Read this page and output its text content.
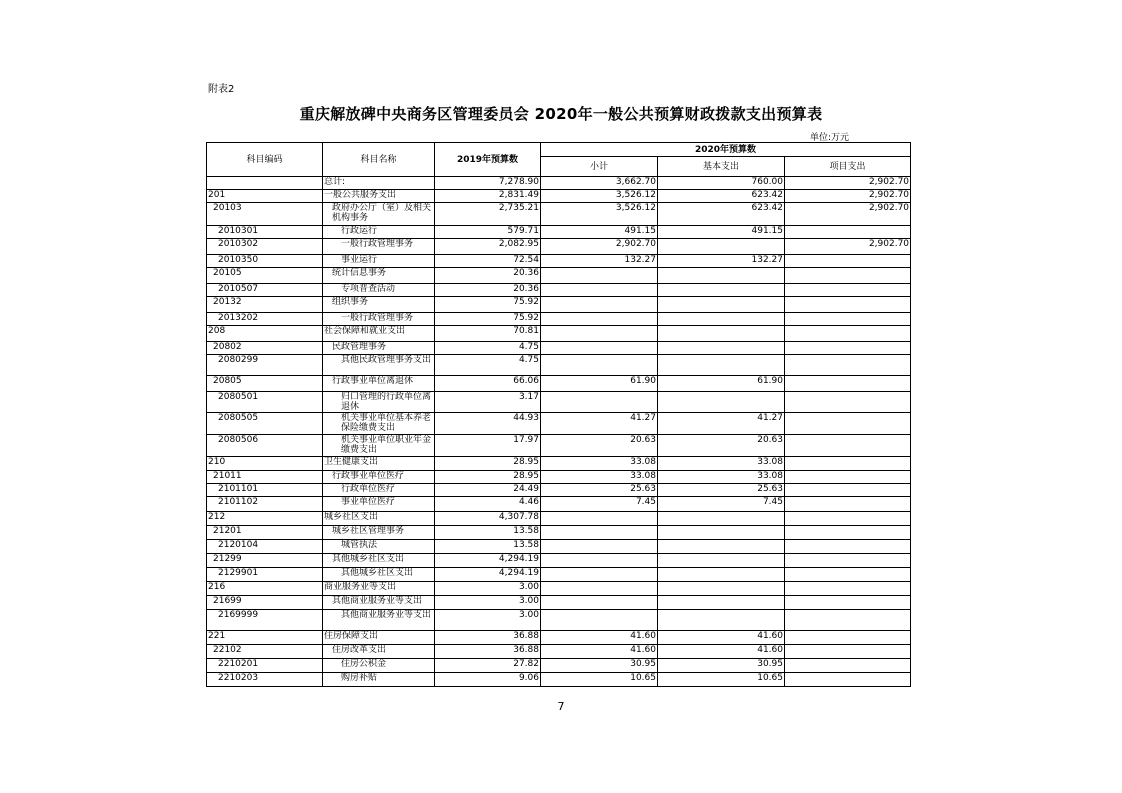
附表2
重庆解放碑中央商务区管理委员会 2020年一般公共预算财政拨款支出预算表
单位:万元
科目编码	科目名称	2019年预算数	2020年预算数		
			小计	基本支出	项目支出
	总计:	7,278.90	3,662.70	760.00	2,902.70
201	一般公共服务支出	2,831.49	3,526.12	623.42	2,902.70
20103	政府办公厅（室）及相关机构事务	2,735.21	3,526.12	623.42	2,902.70
2010301	行政运行	579.71	491.15	491.15	
2010302	一般行政管理事务	2,082.95	2,902.70		2,902.70
2010350	事业运行	72.54	132.27	132.27	
20105	统计信息事务	20.36			
2010507	专项普查活动	20.36			
20132	组织事务	75.92			
2013202	一般行政管理事务	75.92			
208	社会保障和就业支出	70.81			
20802	民政管理事务	4.75			
2080299	其他民政管理事务支出	4.75			
20805	行政事业单位离退休	66.06	61.90	61.90	
2080501	归口管理的行政单位离退休	3.17			
2080505	机关事业单位基本养老保险缴费支出	44.93	41.27	41.27	
2080506	机关事业单位职业年金缴费支出	17.97	20.63	20.63	
210	卫生健康支出	28.95	33.08	33.08	
21011	行政事业单位医疗	28.95	33.08	33.08	
2101101	行政单位医疗	24.49	25.63	25.63	
2101102	事业单位医疗	4.46	7.45	7.45	
212	城乡社区支出	4,307.78			
21201	城乡社区管理事务	13.58			
2120104	城管执法	13.58			
21299	其他城乡社区支出	4,294.19			
2129901	其他城乡社区支出	4,294.19			
216	商业服务业等支出	3.00			
21699	其他商业服务业等支出	3.00			
2169999	其他商业服务业等支出	3.00			
221	住房保障支出	36.88	41.60	41.60	
22102	住房改革支出	36.88	41.60	41.60	
2210201	住房公积金	27.82	30.95	30.95	
2210203	购房补贴	9.06	10.65	10.65	
7
